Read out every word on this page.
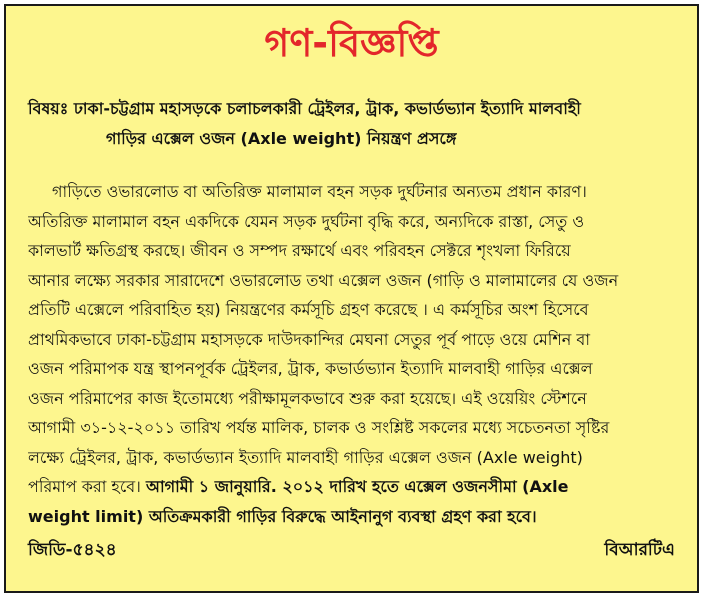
গণ-বিজ্ঞপ্তি
বিষয়ঃ ঢাকা-চট্টগ্রাম মহাসড়কে চলাচলকারী ট্রেইলর, ট্রাক, কভার্ডভ্যান ইত্যাদি মালবাহী
গাড়ির এক্সেল ওজন (Axle weight) নিয়ন্ত্রণ প্রসঙ্গে
গাড়িতে ওভারলোড বা অতিরিক্ত মালামাল বহন সড়ক দুর্ঘটনার অন্যতম প্রধান কারণ।
অতিরিক্ত মালামাল বহন একদিকে যেমন সড়ক দুর্ঘটনা বৃদ্ধি করে, অন্যদিকে রাস্তা, সেতু ও
কালভার্ট ক্ষতিগ্রস্থ করছে। জীবন ও সম্পদ রক্ষার্থে এবং পরিবহন সেক্টরে শৃংখলা ফিরিয়ে
আনার লক্ষ্যে সরকার সারাদেশে ওভারলোড তথা এক্সেল ওজন (গাড়ি ও মালামালের যে ওজন
প্রতিটি এক্সেলে পরিবাহিত হয়) নিয়ন্ত্রণের কর্মসূচি গ্রহণ করেছে । এ কর্মসূচির অংশ হিসেবে
প্রাথমিকভাবে ঢাকা-চট্টগ্রাম মহাসড়কে দাউদকান্দির মেঘনা সেতুর পূর্ব পাড়ে ওয়ে মেশিন বা
ওজন পরিমাপক যন্ত্র স্থাপনপূর্বক ট্রেইলর, ট্রাক, কভার্ডভ্যান ইত্যাদি মালবাহী গাড়ির এক্সেল
ওজন পরিমাপের কাজ ইতোমধ্যে পরীক্ষামূলকভাবে শুরু করা হয়েছে। এই ওয়েয়িং স্টেশনে
আগামী ৩১-১২-২০১১ তারিখ পর্যন্ত মালিক, চালক ও সংশ্লিষ্ট সকলের মধ্যে সচেতনতা সৃষ্টির
লক্ষ্যে ট্রেইলর, ট্রাক, কভার্ডভ্যান ইত্যাদি মালবাহী গাড়ির এক্সেল ওজন (Axle weight)
পরিমাপ করা হবে। আগামী ১ জানুয়ারি. ২০১২ দারিখ হতে এক্সেল ওজনসীমা (Axle
weight limit) অতিক্রমকারী গাড়ির বিরুদ্ধে আইনানুগ ব্যবস্থা গ্রহণ করা হবে।
জিডি-৫৪২৪	বিআরটিএ
